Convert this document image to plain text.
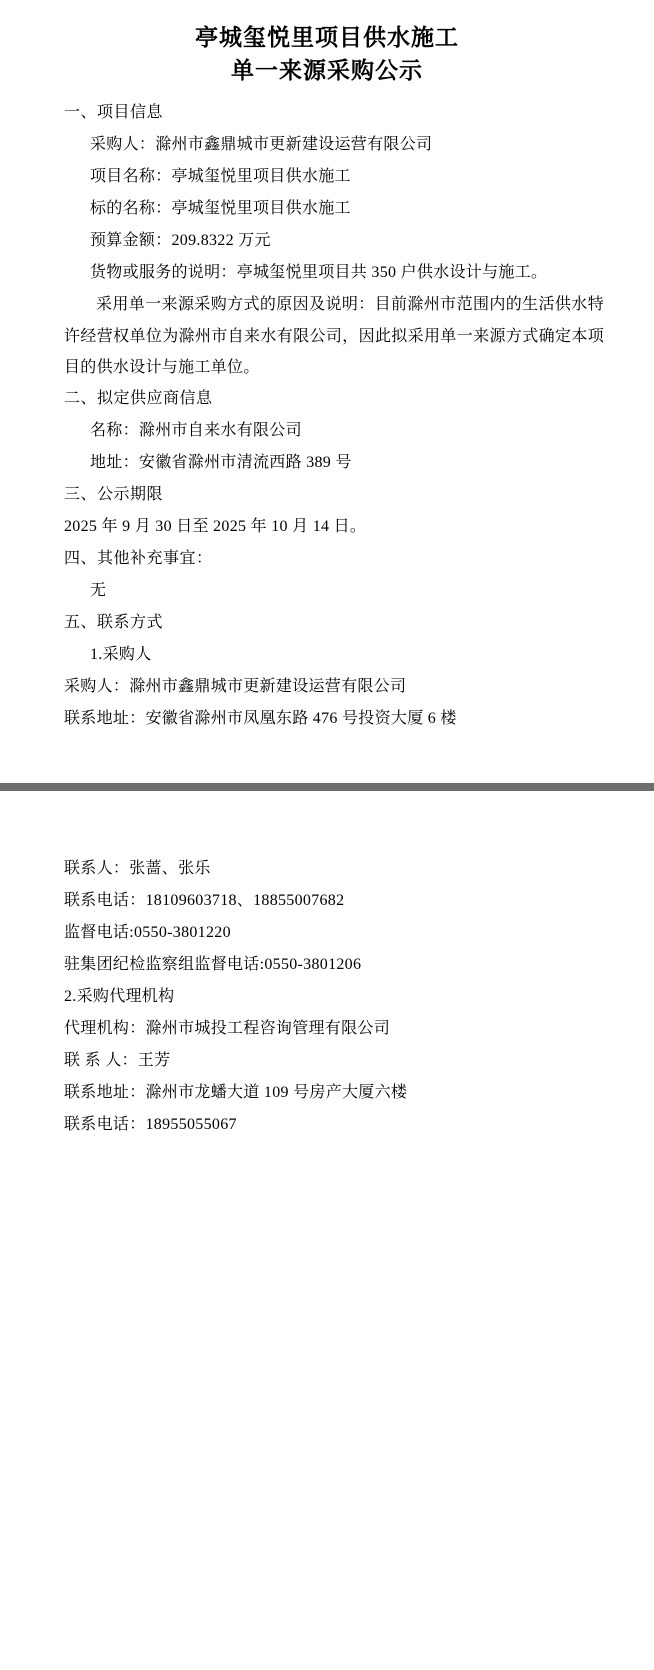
亭城玺悦里项目供水施工
单一来源采购公示
一、项目信息
采购人：滁州市鑫鼎城市更新建设运营有限公司
项目名称：亭城玺悦里项目供水施工
标的名称：亭城玺悦里项目供水施工
预算金额：209.8322 万元
货物或服务的说明：亭城玺悦里项目共 350 户供水设计与施工。
采用单一来源采购方式的原因及说明：目前滁州市范围内的生活供水特许经营权单位为滁州市自来水有限公司，因此拟采用单一来源方式确定本项目的供水设计与施工单位。
二、拟定供应商信息
名称：滁州市自来水有限公司
地址：安徽省滁州市清流西路 389 号
三、公示期限
2025 年 9 月 30 日至 2025 年 10 月 14 日。
四、其他补充事宜：
无
五、联系方式
1.采购人
采购人：滁州市鑫鼎城市更新建设运营有限公司
联系地址：安徽省滁州市凤凰东路 476 号投资大厦 6 楼
联系人：张蔷、张乐
联系电话：18109603718、18855007682
监督电话:0550-3801220
驻集团纪检监察组监督电话:0550-3801206
2.采购代理机构
代理机构：滁州市城投工程咨询管理有限公司
联 系 人：王芳
联系地址：滁州市龙蟠大道 109 号房产大厦六楼
联系电话：18955055067
